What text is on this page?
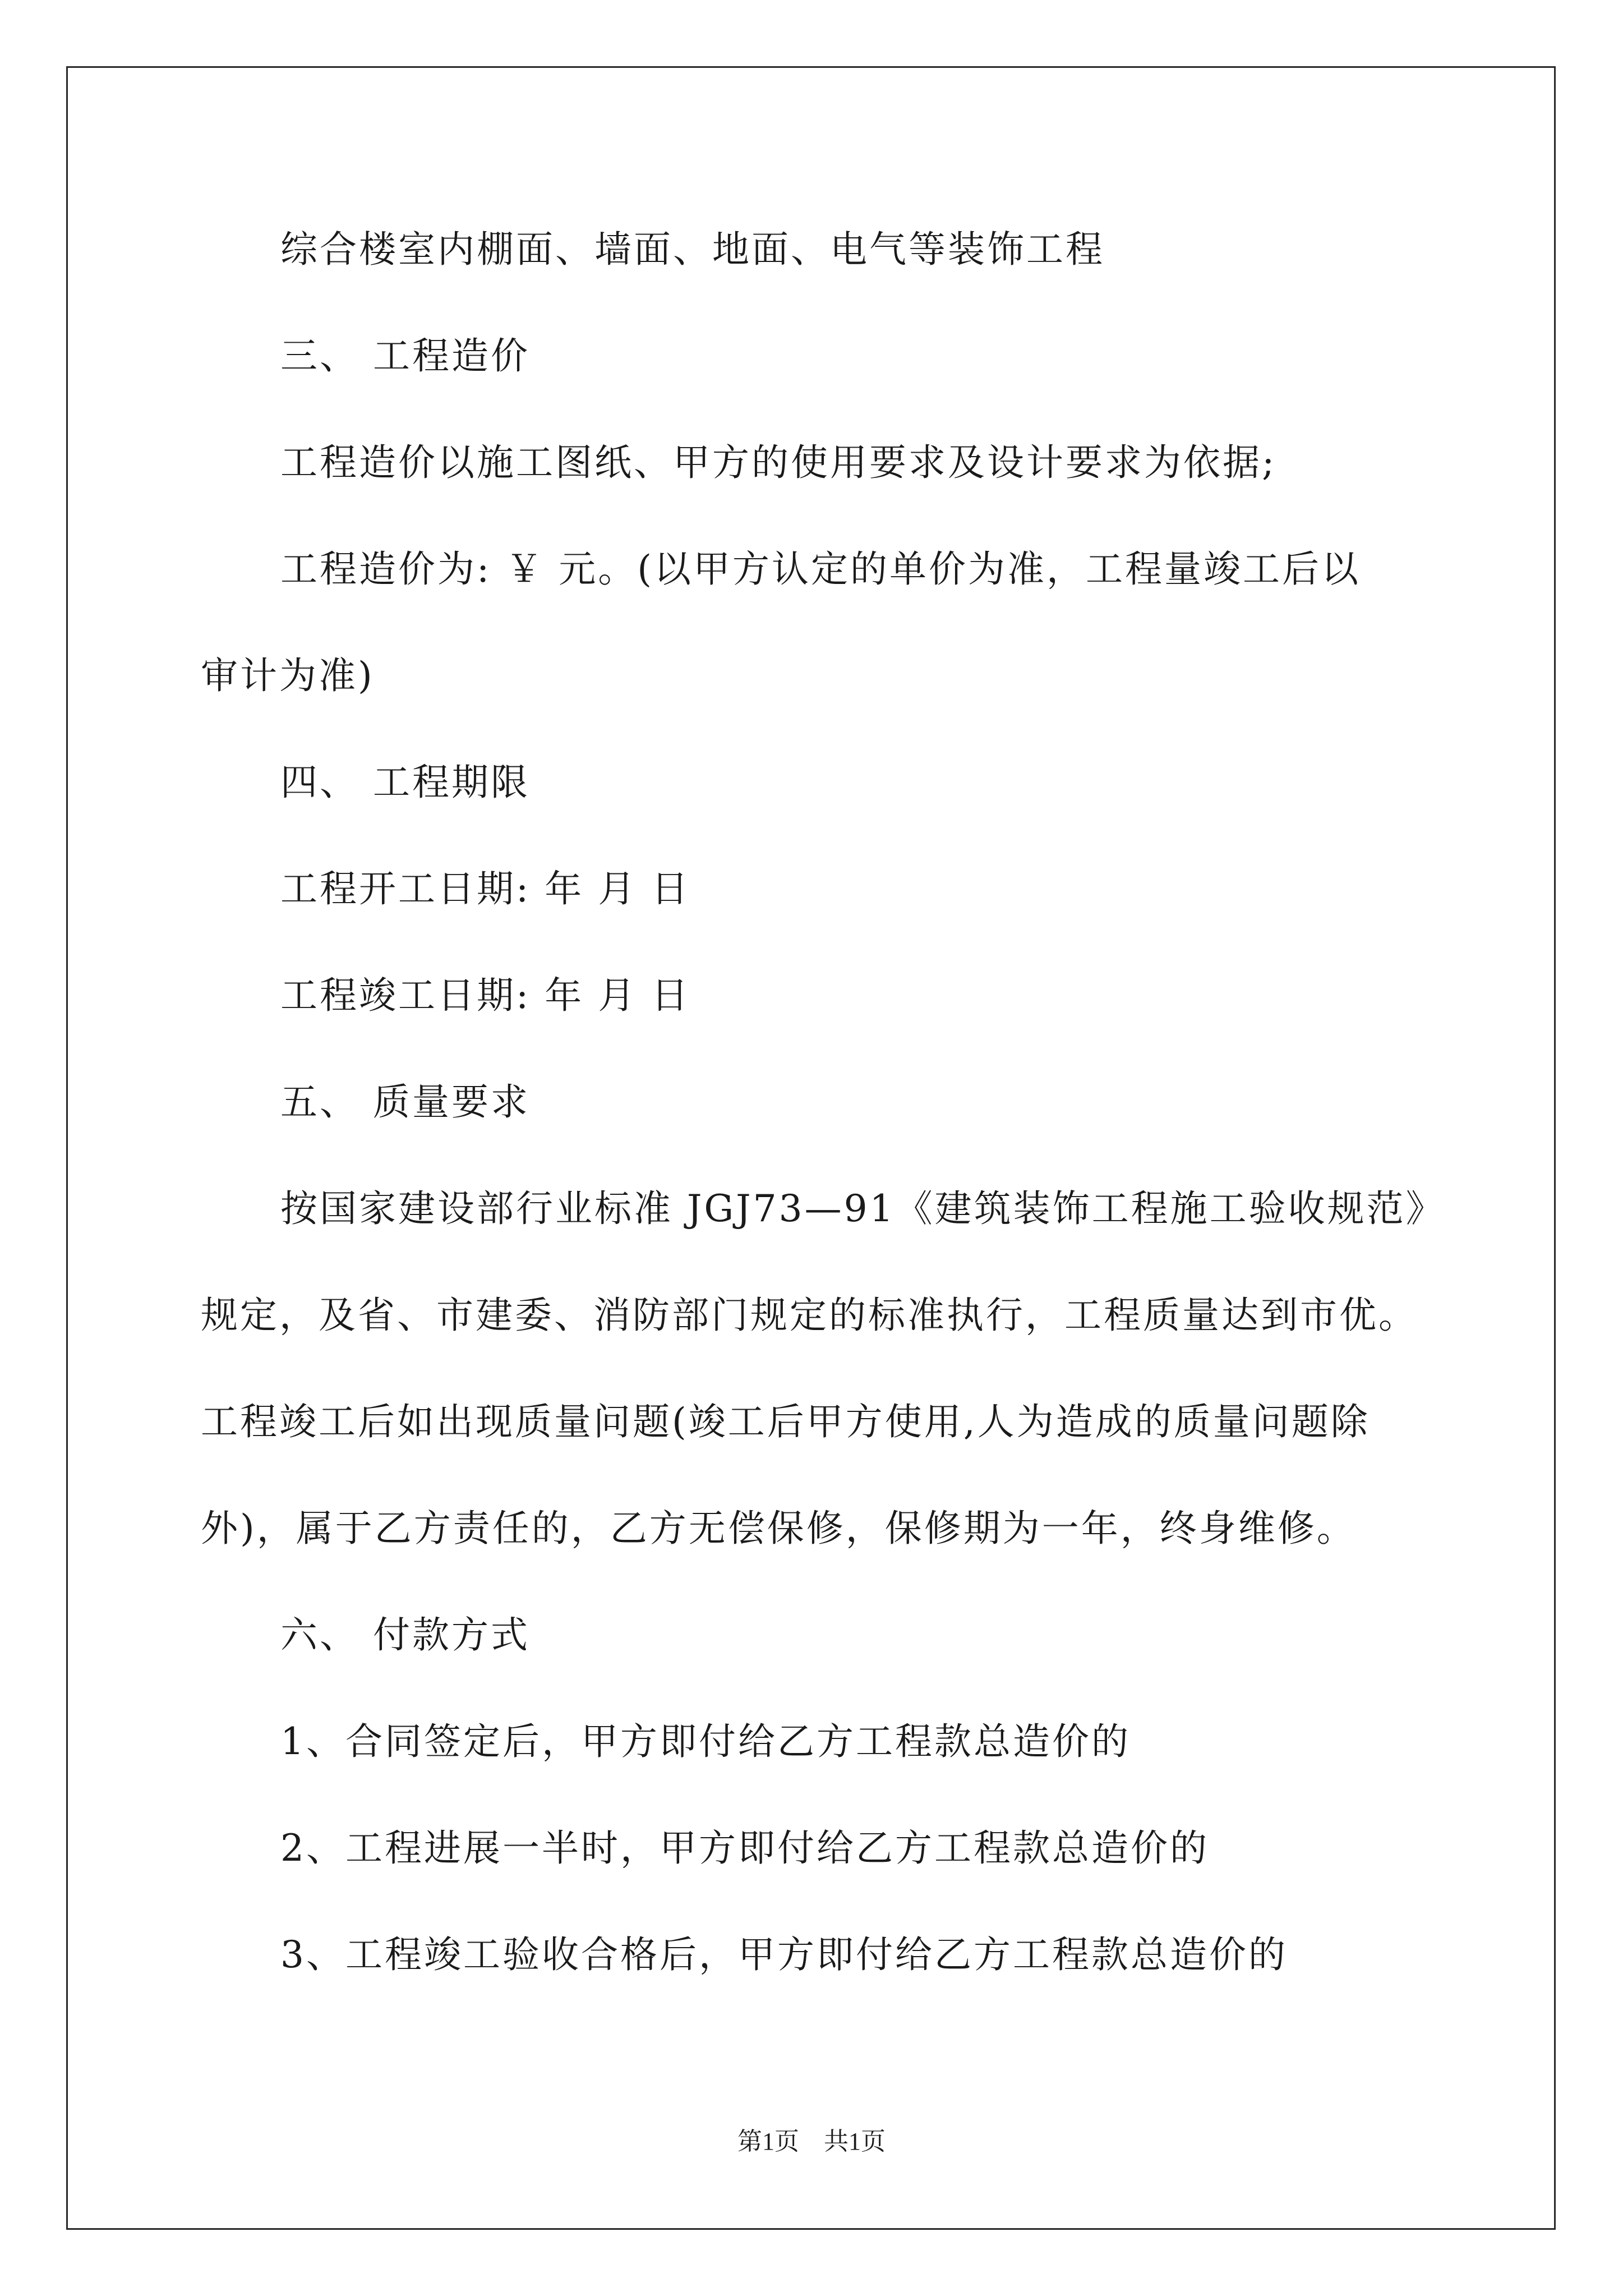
综合楼室内棚面、墙面、地面、电气等装饰工程
三、 工程造价
工程造价以施工图纸、甲方的使用要求及设计要求为依据;
工程造价为: ￥ 元。(以甲方认定的单价为准，工程量竣工后以
审计为准)
四、 工程期限
工程开工日期: 年 月 日
工程竣工日期: 年 月 日
五、 质量要求
按国家建设部行业标准 JGJ73—91《建筑装饰工程施工验收规范》
规定，及省、市建委、消防部门规定的标准执行，工程质量达到市优。
工程竣工后如出现质量问题(竣工后甲方使用,人为造成的质量问题除
外)，属于乙方责任的，乙方无偿保修，保修期为一年，终身维修。
六、 付款方式
1、合同签定后，甲方即付给乙方工程款总造价的
2、工程进展一半时，甲方即付给乙方工程款总造价的
3、工程竣工验收合格后，甲方即付给乙方工程款总造价的
第1页 共1页
